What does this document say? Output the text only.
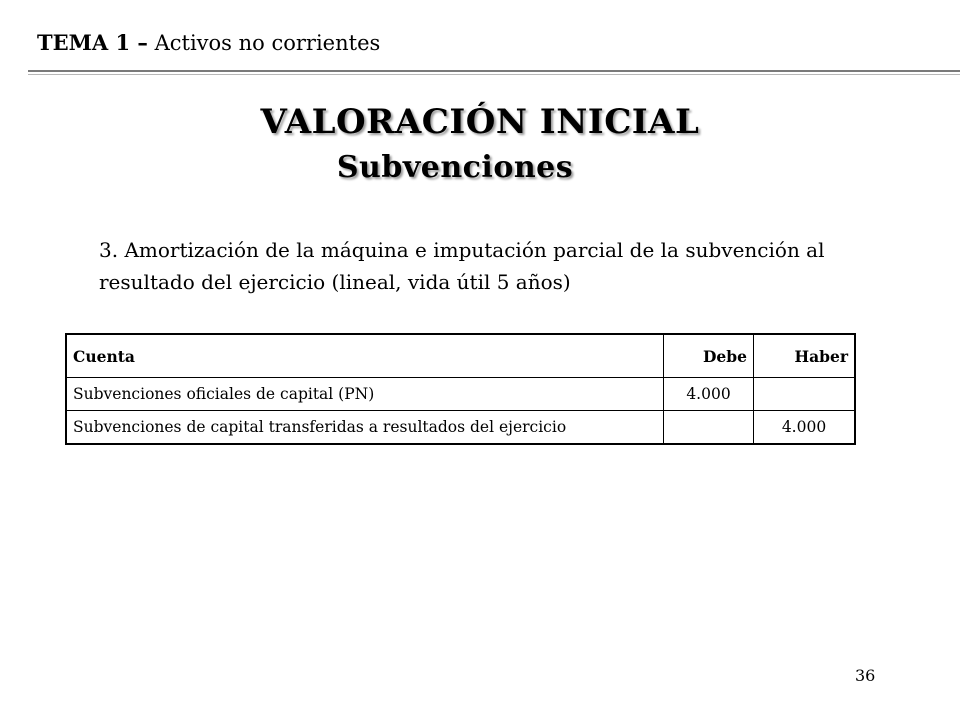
TEMA 1 – Activos no corrientes
VALORACIÓN INICIAL
Subvenciones
3. Amortización de la máquina e imputación parcial de la subvención al resultado del ejercicio (lineal, vida útil 5 años)
Cuenta	Debe	Haber
Subvenciones oficiales de capital (PN)	4.000	
Subvenciones de capital transferidas a resultados del ejercicio		4.000
36
